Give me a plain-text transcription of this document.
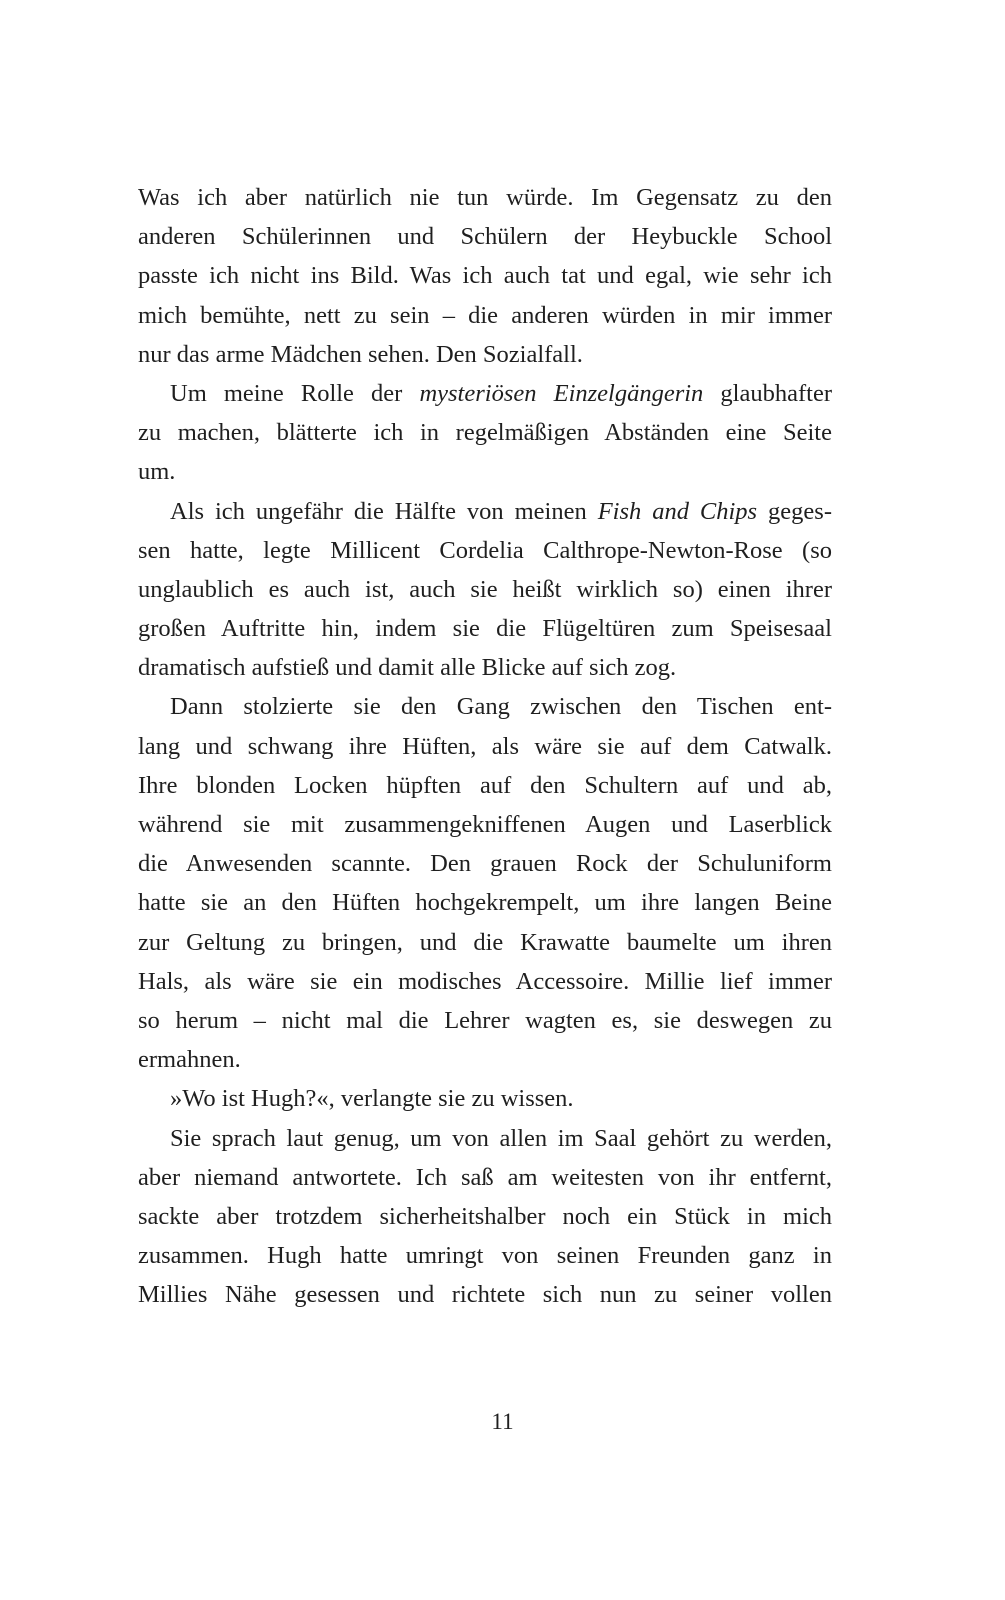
Was ich aber natürlich nie tun würde. Im Gegensatz zu den
anderen Schülerinnen und Schülern der Heybuckle School
passte ich nicht ins Bild. Was ich auch tat und egal, wie sehr ich
mich bemühte, nett zu sein – die anderen würden in mir immer
nur das arme Mädchen sehen. Den Sozialfall.
Um meine Rolle der mysteriösen Einzelgängerin glaubhafter
zu machen, blätterte ich in regelmäßigen Abständen eine Seite
um.
Als ich ungefähr die Hälfte von meinen Fish and Chips geges-
sen hatte, legte Millicent Cordelia Calthrope-Newton-Rose (so
unglaublich es auch ist, auch sie heißt wirklich so) einen ihrer
großen Auftritte hin, indem sie die Flügeltüren zum Speisesaal
dramatisch aufstieß und damit alle Blicke auf sich zog.
Dann stolzierte sie den Gang zwischen den Tischen ent-
lang und schwang ihre Hüften, als wäre sie auf dem Catwalk.
Ihre blonden Locken hüpften auf den Schultern auf und ab,
während sie mit zusammengekniffenen Augen und Laserblick
die Anwesenden scannte. Den grauen Rock der Schuluniform
hatte sie an den Hüften hochgekrempelt, um ihre langen Beine
zur Geltung zu bringen, und die Krawatte baumelte um ihren
Hals, als wäre sie ein modisches Accessoire. Millie lief immer
so herum – nicht mal die Lehrer wagten es, sie deswegen zu
ermahnen.
»Wo ist Hugh?«, verlangte sie zu wissen.
Sie sprach laut genug, um von allen im Saal gehört zu werden,
aber niemand antwortete. Ich saß am weitesten von ihr entfernt,
sackte aber trotzdem sicherheitshalber noch ein Stück in mich
zusammen. Hugh hatte umringt von seinen Freunden ganz in
Millies Nähe gesessen und richtete sich nun zu seiner vollen
11
